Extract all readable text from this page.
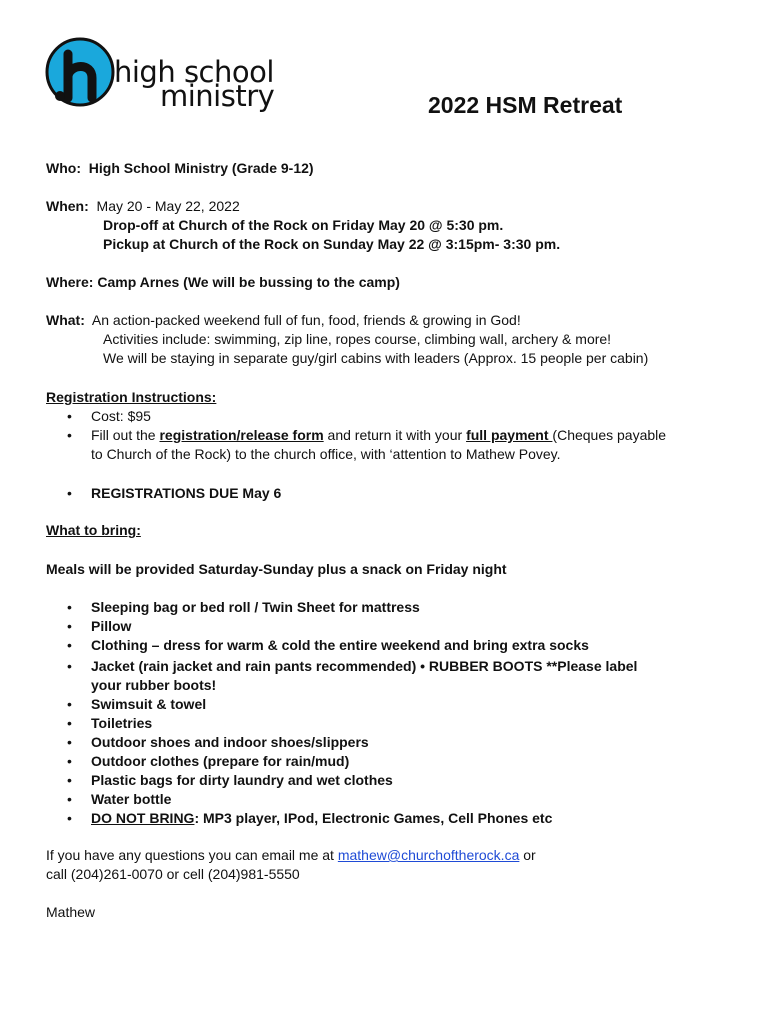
high school
ministry	2022 HSM Retreat
Who: High School Ministry (Grade 9-12)
When: May 20 - May 22, 2022
Drop-off at Church of the Rock on Friday May 20 @ 5:30 pm.
Pickup at Church of the Rock on Sunday May 22 @ 3:15pm- 3:30 pm.
Where: Camp Arnes (We will be bussing to the camp)
What: An action-packed weekend full of fun, food, friends & growing in God!
Activities include: swimming, zip line, ropes course, climbing wall, archery & more!
We will be staying in separate guy/girl cabins with leaders (Approx. 15 people per cabin)
Registration Instructions:
• Cost: $95
• Fill out the registration/release form and return it with your full payment (Cheques payable
to Church of the Rock) to the church office, with ‘attention to Mathew Povey.
• REGISTRATIONS DUE May 6
What to bring:
Meals will be provided Saturday-Sunday plus a snack on Friday night
• Sleeping bag or bed roll / Twin Sheet for mattress
• Pillow
• Clothing – dress for warm & cold the entire weekend and bring extra socks
• Jacket (rain jacket and rain pants recommended) • RUBBER BOOTS **Please label
your rubber boots!
• Swimsuit & towel
• Toiletries
• Outdoor shoes and indoor shoes/slippers
• Outdoor clothes (prepare for rain/mud)
• Plastic bags for dirty laundry and wet clothes
• Water bottle
• DO NOT BRING: MP3 player, IPod, Electronic Games, Cell Phones etc
If you have any questions you can email me at mathew@churchoftherock.ca or
call (204)261-0070 or cell (204)981-5550
Mathew
